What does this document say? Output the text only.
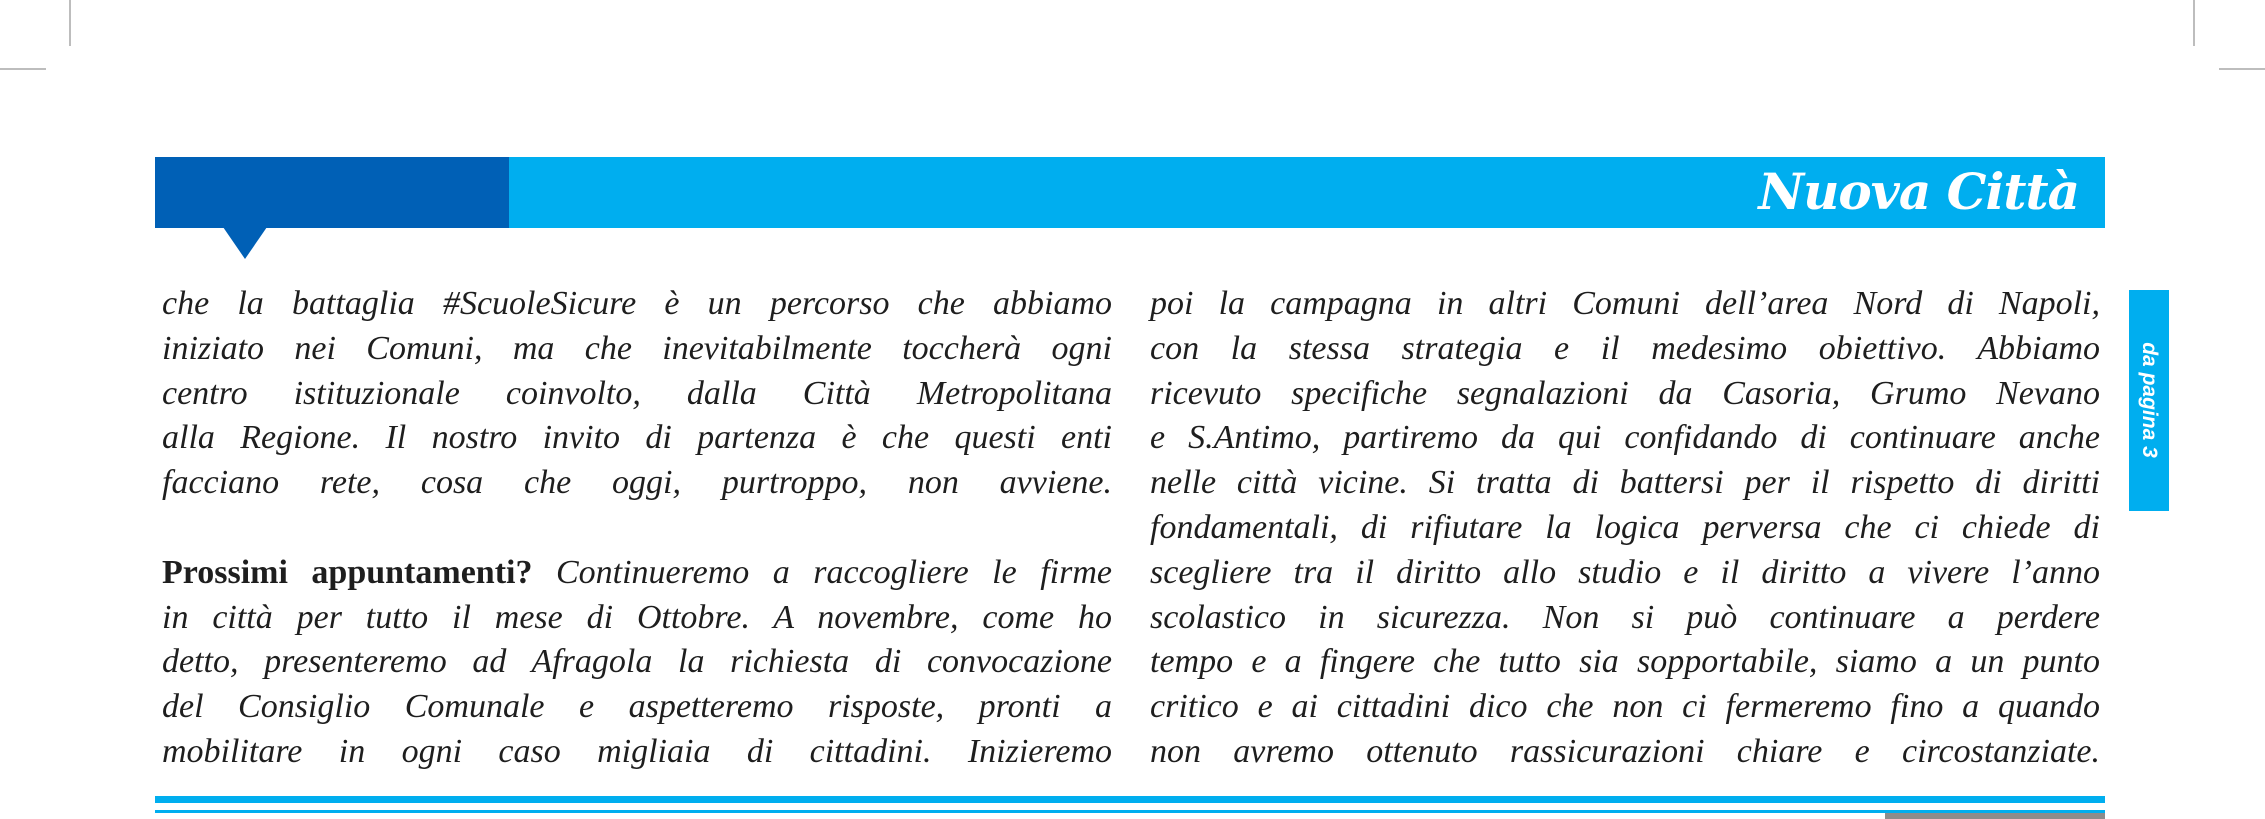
Nuova Città
che la battaglia #ScuoleSicure è un percorso che abbiamo
iniziato nei Comuni, ma che inevitabilmente toccherà ogni
centro istituzionale coinvolto, dalla Città Metropolitana
alla Regione. Il nostro invito di partenza è che questi enti
facciano rete, cosa che oggi, purtroppo, non avviene.
Prossimi appuntamenti? Continueremo a raccogliere le firme
in città per tutto il mese di Ottobre. A novembre, come ho
detto, presenteremo ad Afragola la richiesta di convocazione
del Consiglio Comunale e aspetteremo risposte, pronti a
mobilitare in ogni caso migliaia di cittadini. Inizieremo
poi la campagna in altri Comuni dell’area Nord di Napoli,
con la stessa strategia e il medesimo obiettivo. Abbiamo
ricevuto specifiche segnalazioni da Casoria, Grumo Nevano
e S.Antimo, partiremo da qui confidando di continuare anche
nelle città vicine. Si tratta di battersi per il rispetto di diritti
fondamentali, di rifiutare la logica perversa che ci chiede di
scegliere tra il diritto allo studio e il diritto a vivere l’anno
scolastico in sicurezza. Non si può continuare a perdere
tempo e a fingere che tutto sia sopportabile, siamo a un punto
critico e ai cittadini dico che non ci fermeremo fino a quando
non avremo ottenuto rassicurazioni chiare e circostanziate.
da pagina 3
